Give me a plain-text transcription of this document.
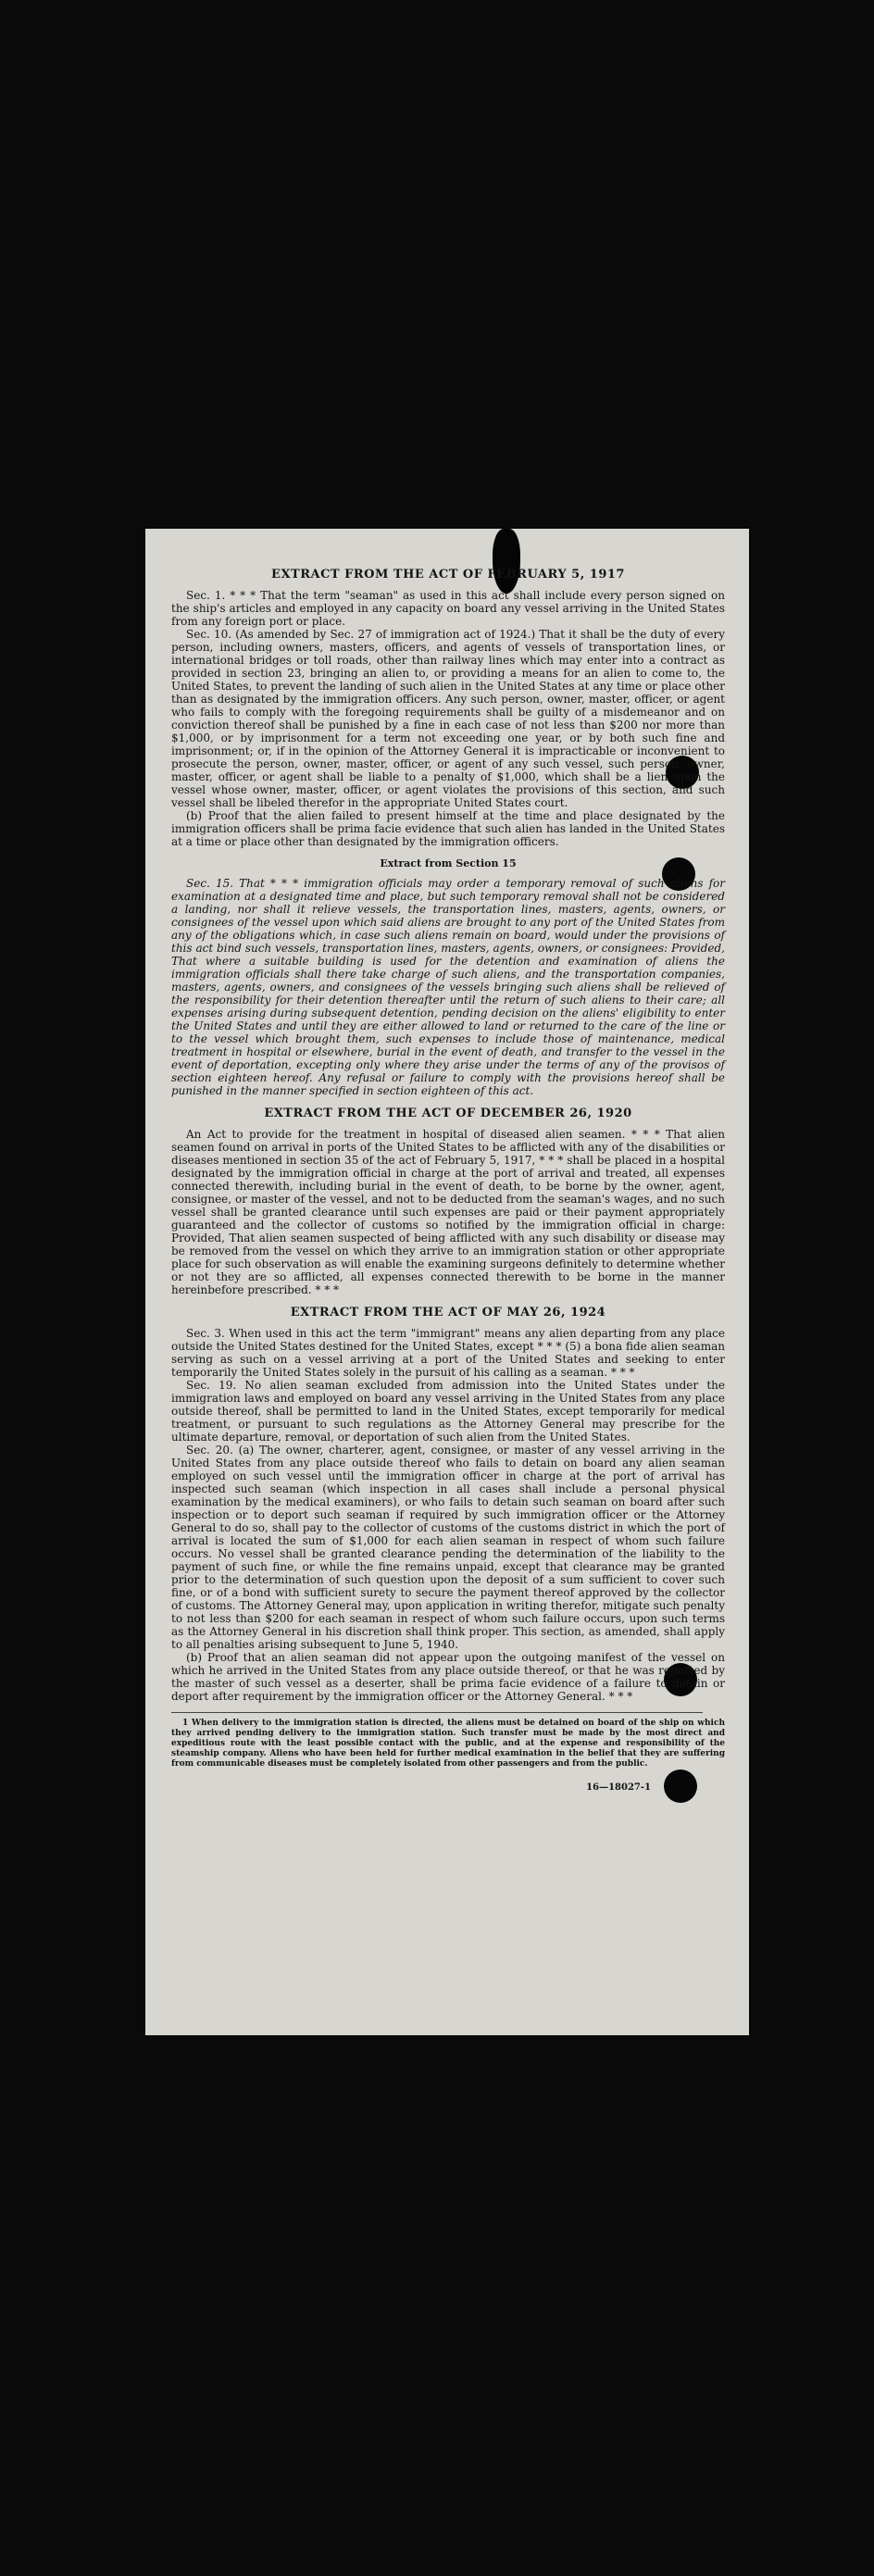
EXTRACT FROM THE ACT OF FEBRUARY 5, 1917

Sec. 1. * * * That the term "seaman" as used in this act shall include every person signed on the ship's articles and employed in any capacity on board any vessel arriving in the United States from any foreign port or place.

Sec. 10. (As amended by Sec. 27 of immigration act of 1924.) That it shall be the duty of every person, including owners, masters, officers, and agents of vessels of transportation lines, or international bridges or toll roads, other than railway lines which may enter into a contract as provided in section 23, bringing an alien to, or providing a means for an alien to come to, the United States, to prevent the landing of such alien in the United States at any time or place other than as designated by the immigration officers. Any such person, owner, master, officer, or agent who fails to comply with the foregoing requirements shall be guilty of a misdemeanor and on conviction thereof shall be punished by a fine in each case of not less than $200 nor more than $1,000, or by imprisonment for a term not exceeding one year, or by both such fine and imprisonment; or, if in the opinion of the Attorney General it is impracticable or inconvenient to prosecute the person, owner, master, officer, or agent of any such vessel, such person, owner, master, officer, or agent shall be liable to a penalty of $1,000, which shall be a lien upon the vessel whose owner, master, officer, or agent violates the provisions of this section, and such vessel shall be libeled therefor in the appropriate United States court.

(b) Proof that the alien failed to present himself at the time and place designated by the immigration officers shall be prima facie evidence that such alien has landed in the United States at a time or place other than designated by the immigration officers.

Extract from Section 15

Sec. 15. That * * * immigration officials may order a temporary removal of such aliens for examination at a designated time and place, but such temporary removal shall not be considered a landing, nor shall it relieve vessels, the transportation lines, masters, agents, owners, or consignees of the vessel upon which said aliens are brought to any port of the United States from any of the obligations which, in case such aliens remain on board, would under the provisions of this act bind such vessels, transportation lines, masters, agents, owners, or consignees: Provided, That where a suitable building is used for the detention and examination of aliens the immigration officials shall there take charge of such aliens, and the transportation companies, masters, agents, owners, and consignees of the vessels bringing such aliens shall be relieved of the responsibility for their detention thereafter until the return of such aliens to their care; all expenses arising during subsequent detention, pending decision on the aliens' eligibility to enter the United States and until they are either allowed to land or returned to the care of the line or to the vessel which brought them, such expenses to include those of maintenance, medical treatment in hospital or elsewhere, burial in the event of death, and transfer to the vessel in the event of deportation, excepting only where they arise under the terms of any of the provisos of section eighteen hereof. Any refusal or failure to comply with the provisions hereof shall be punished in the manner specified in section eighteen of this act.

EXTRACT FROM THE ACT OF DECEMBER 26, 1920

An Act to provide for the treatment in hospital of diseased alien seamen. * * * That alien seamen found on arrival in ports of the United States to be afflicted with any of the disabilities or diseases mentioned in section 35 of the act of February 5, 1917, * * * shall be placed in a hospital designated by the immigration official in charge at the port of arrival and treated, all expenses connected therewith, including burial in the event of death, to be borne by the owner, agent, consignee, or master of the vessel, and not to be deducted from the seaman's wages, and no such vessel shall be granted clearance until such expenses are paid or their payment appropriately guaranteed and the collector of customs so notified by the immigration official in charge: Provided, That alien seamen suspected of being afflicted with any such disability or disease may be removed from the vessel on which they arrive to an immigration station or other appropriate place for such observation as will enable the examining surgeons definitely to determine whether or not they are so afflicted, all expenses connected therewith to be borne in the manner hereinbefore prescribed. * * *

EXTRACT FROM THE ACT OF MAY 26, 1924

Sec. 3. When used in this act the term "immigrant" means any alien departing from any place outside the United States destined for the United States, except * * * (5) a bona fide alien seaman serving as such on a vessel arriving at a port of the United States and seeking to enter temporarily the United States solely in the pursuit of his calling as a seaman. * * *

Sec. 19. No alien seaman excluded from admission into the United States under the immigration laws and employed on board any vessel arriving in the United States from any place outside thereof, shall be permitted to land in the United States, except temporarily for medical treatment, or pursuant to such regulations as the Attorney General may prescribe for the ultimate departure, removal, or deportation of such alien from the United States.

Sec. 20. (a) The owner, charterer, agent, consignee, or master of any vessel arriving in the United States from any place outside thereof who fails to detain on board any alien seaman employed on such vessel until the immigration officer in charge at the port of arrival has inspected such seaman (which inspection in all cases shall include a personal physical examination by the medical examiners), or who fails to detain such seaman on board after such inspection or to deport such seaman if required by such immigration officer or the Attorney General to do so, shall pay to the collector of customs of the customs district in which the port of arrival is located the sum of $1,000 for each alien seaman in respect of whom such failure occurs. No vessel shall be granted clearance pending the determination of the liability to the payment of such fine, or while the fine remains unpaid, except that clearance may be granted prior to the determination of such question upon the deposit of a sum sufficient to cover such fine, or of a bond with sufficient surety to secure the payment thereof approved by the collector of customs. The Attorney General may, upon application in writing therefor, mitigate such penalty to not less than $200 for each seaman in respect of whom such failure occurs, upon such terms as the Attorney General in his discretion shall think proper. This section, as amended, shall apply to all penalties arising subsequent to June 5, 1940.

(b) Proof that an alien seaman did not appear upon the outgoing manifest of the vessel on which he arrived in the United States from any place outside thereof, or that he was reported by the master of such vessel as a deserter, shall be prima facie evidence of a failure to detain or deport after requirement by the immigration officer or the Attorney General. * * *

1 When delivery to the immigration station is directed, the aliens must be detained on board of the ship on which they arrived pending delivery to the immigration station. Such transfer must be made by the most direct and expeditious route with the least possible contact with the public, and at the expense and responsibility of the steamship company. Aliens who have been held for further medical examination in the belief that they are suffering from communicable diseases must be completely isolated from other passengers and from the public.
16—18027-1
